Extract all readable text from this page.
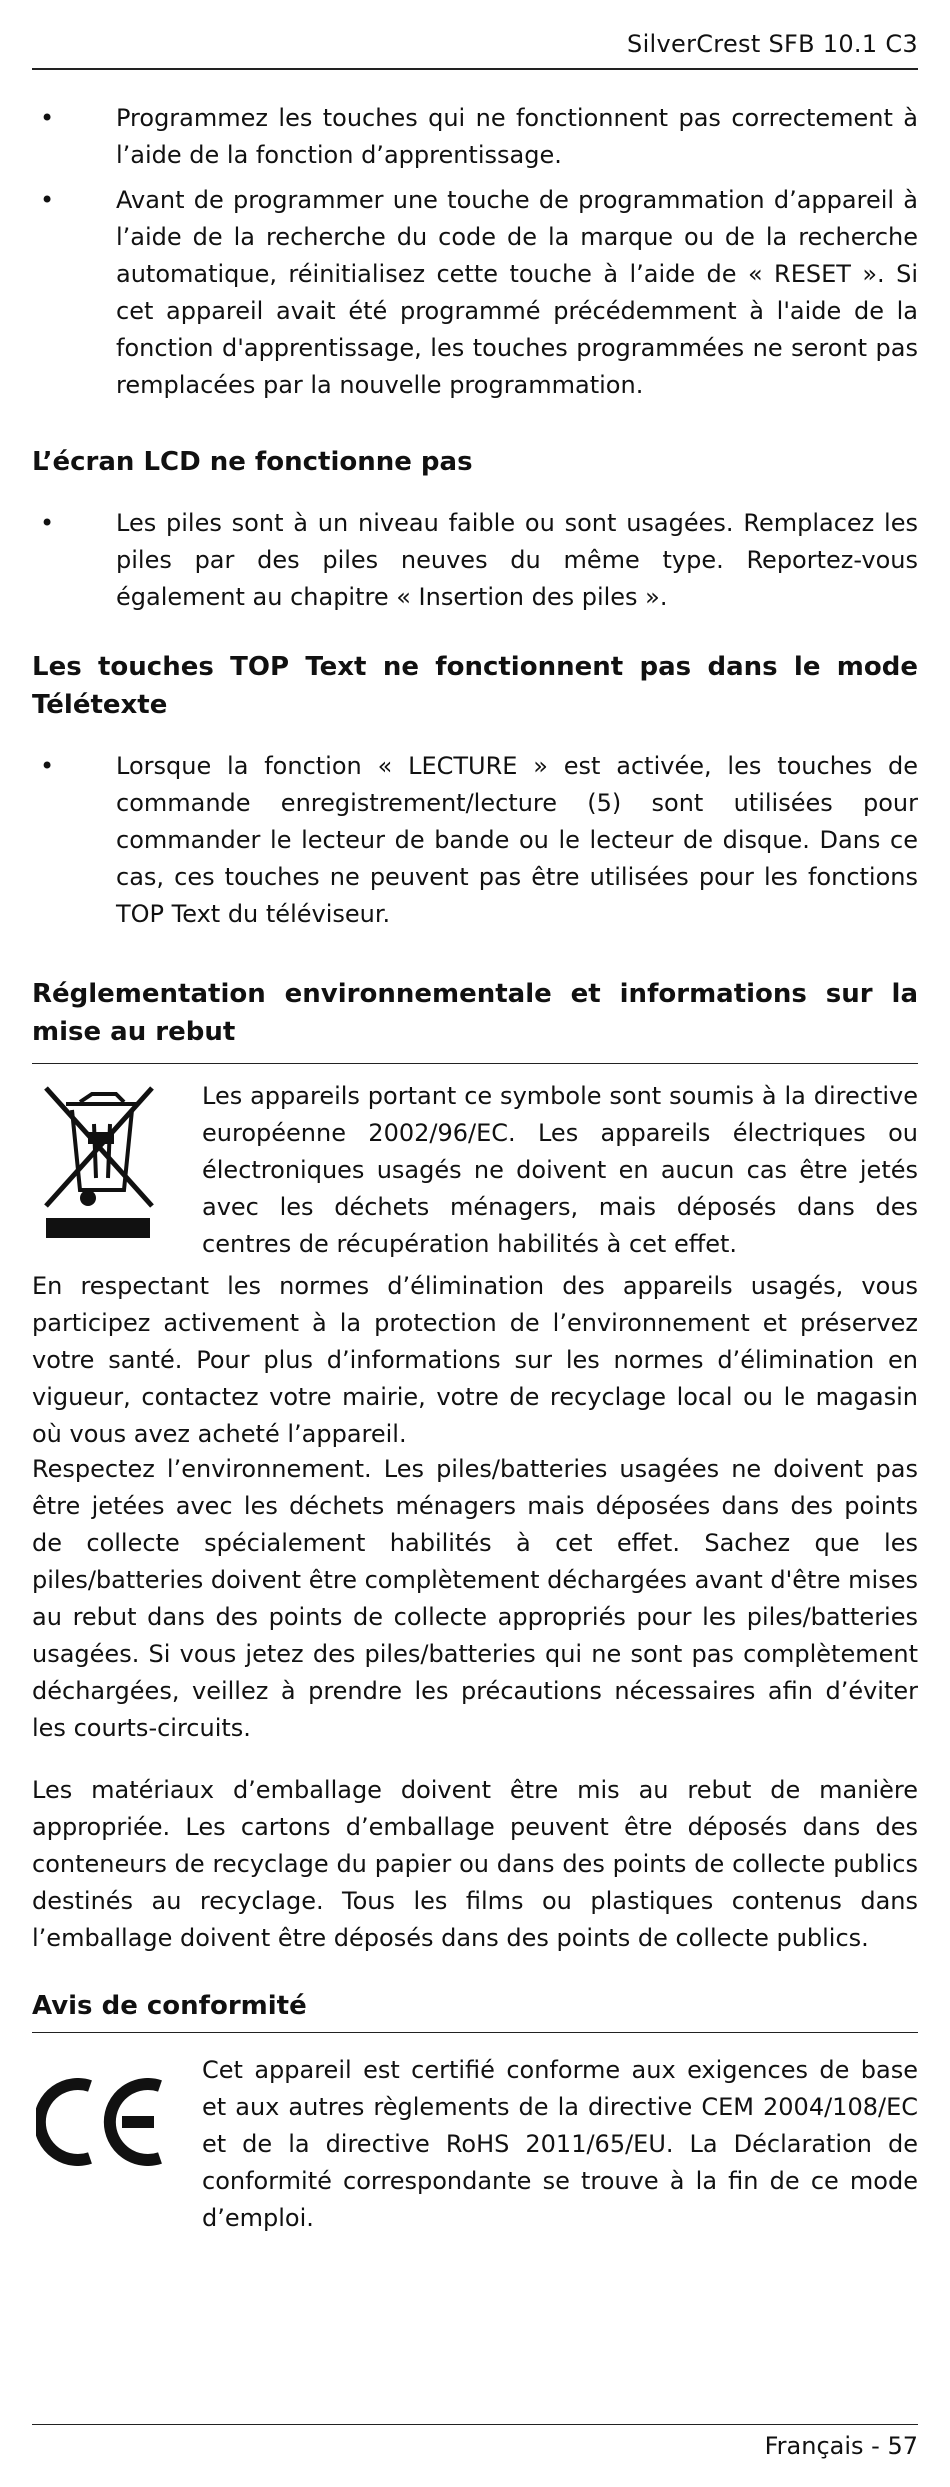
SilverCrest SFB 10.1 C3
•	Programmez les touches qui ne fonctionnent pas correctement à l’aide de la fonction d’apprentissage.
•	Avant de programmer une touche de programmation d’appareil à l’aide de la recherche du code de la marque ou de la recherche automatique, réinitialisez cette touche à l’aide de « RESET ». Si cet appareil avait été programmé précédemment à l'aide de la fonction d'apprentissage, les touches programmées ne seront pas remplacées par la nouvelle programmation.
L’écran LCD ne fonctionne pas
•	Les piles sont à un niveau faible ou sont usagées. Remplacez les piles par des piles neuves du même type. Reportez-vous également au chapitre « Insertion des piles ».
Les touches TOP Text ne fonctionnent pas dans le mode Télétexte
•	Lorsque la fonction « LECTURE » est activée, les touches de commande enregistrement/lecture (5) sont utilisées pour commander le lecteur de bande ou le lecteur de disque. Dans ce cas, ces touches ne peuvent pas être utilisées pour les fonctions TOP Text du téléviseur.
Réglementation environnementale et informations sur la mise au rebut
Les appareils portant ce symbole sont soumis à la directive européenne 2002/96/EC. Les appareils électriques ou électroniques usagés ne doivent en aucun cas être jetés avec les déchets ménagers, mais déposés dans des centres de récupération habilités à cet effet.
En respectant les normes d’élimination des appareils usagés, vous participez activement à la protection de l’environnement et préservez votre santé. Pour plus d’informations sur les normes d’élimination en vigueur, contactez votre mairie, votre de recyclage local ou le magasin où vous avez acheté l’appareil.
Respectez l’environnement. Les piles/batteries usagées ne doivent pas être jetées avec les déchets ménagers mais déposées dans des points de collecte spécialement habilités à cet effet. Sachez que les piles/batteries doivent être complètement déchargées avant d'être mises au rebut dans des points de collecte appropriés pour les piles/batteries usagées. Si vous jetez des piles/batteries qui ne sont pas complètement déchargées, veillez à prendre les précautions nécessaires afin d’éviter les courts-circuits.
Les matériaux d’emballage doivent être mis au rebut de manière appropriée. Les cartons d’emballage peuvent être déposés dans des conteneurs de recyclage du papier ou dans des points de collecte publics destinés au recyclage. Tous les films ou plastiques contenus dans l’emballage doivent être déposés dans des points de collecte publics.
Avis de conformité
Cet appareil est certifié conforme aux exigences de base et aux autres règlements de la directive CEM 2004/108/EC et de la directive RoHS 2011/65/EU. La Déclaration de conformité correspondante se trouve à la fin de ce mode d’emploi.
Français - 57
